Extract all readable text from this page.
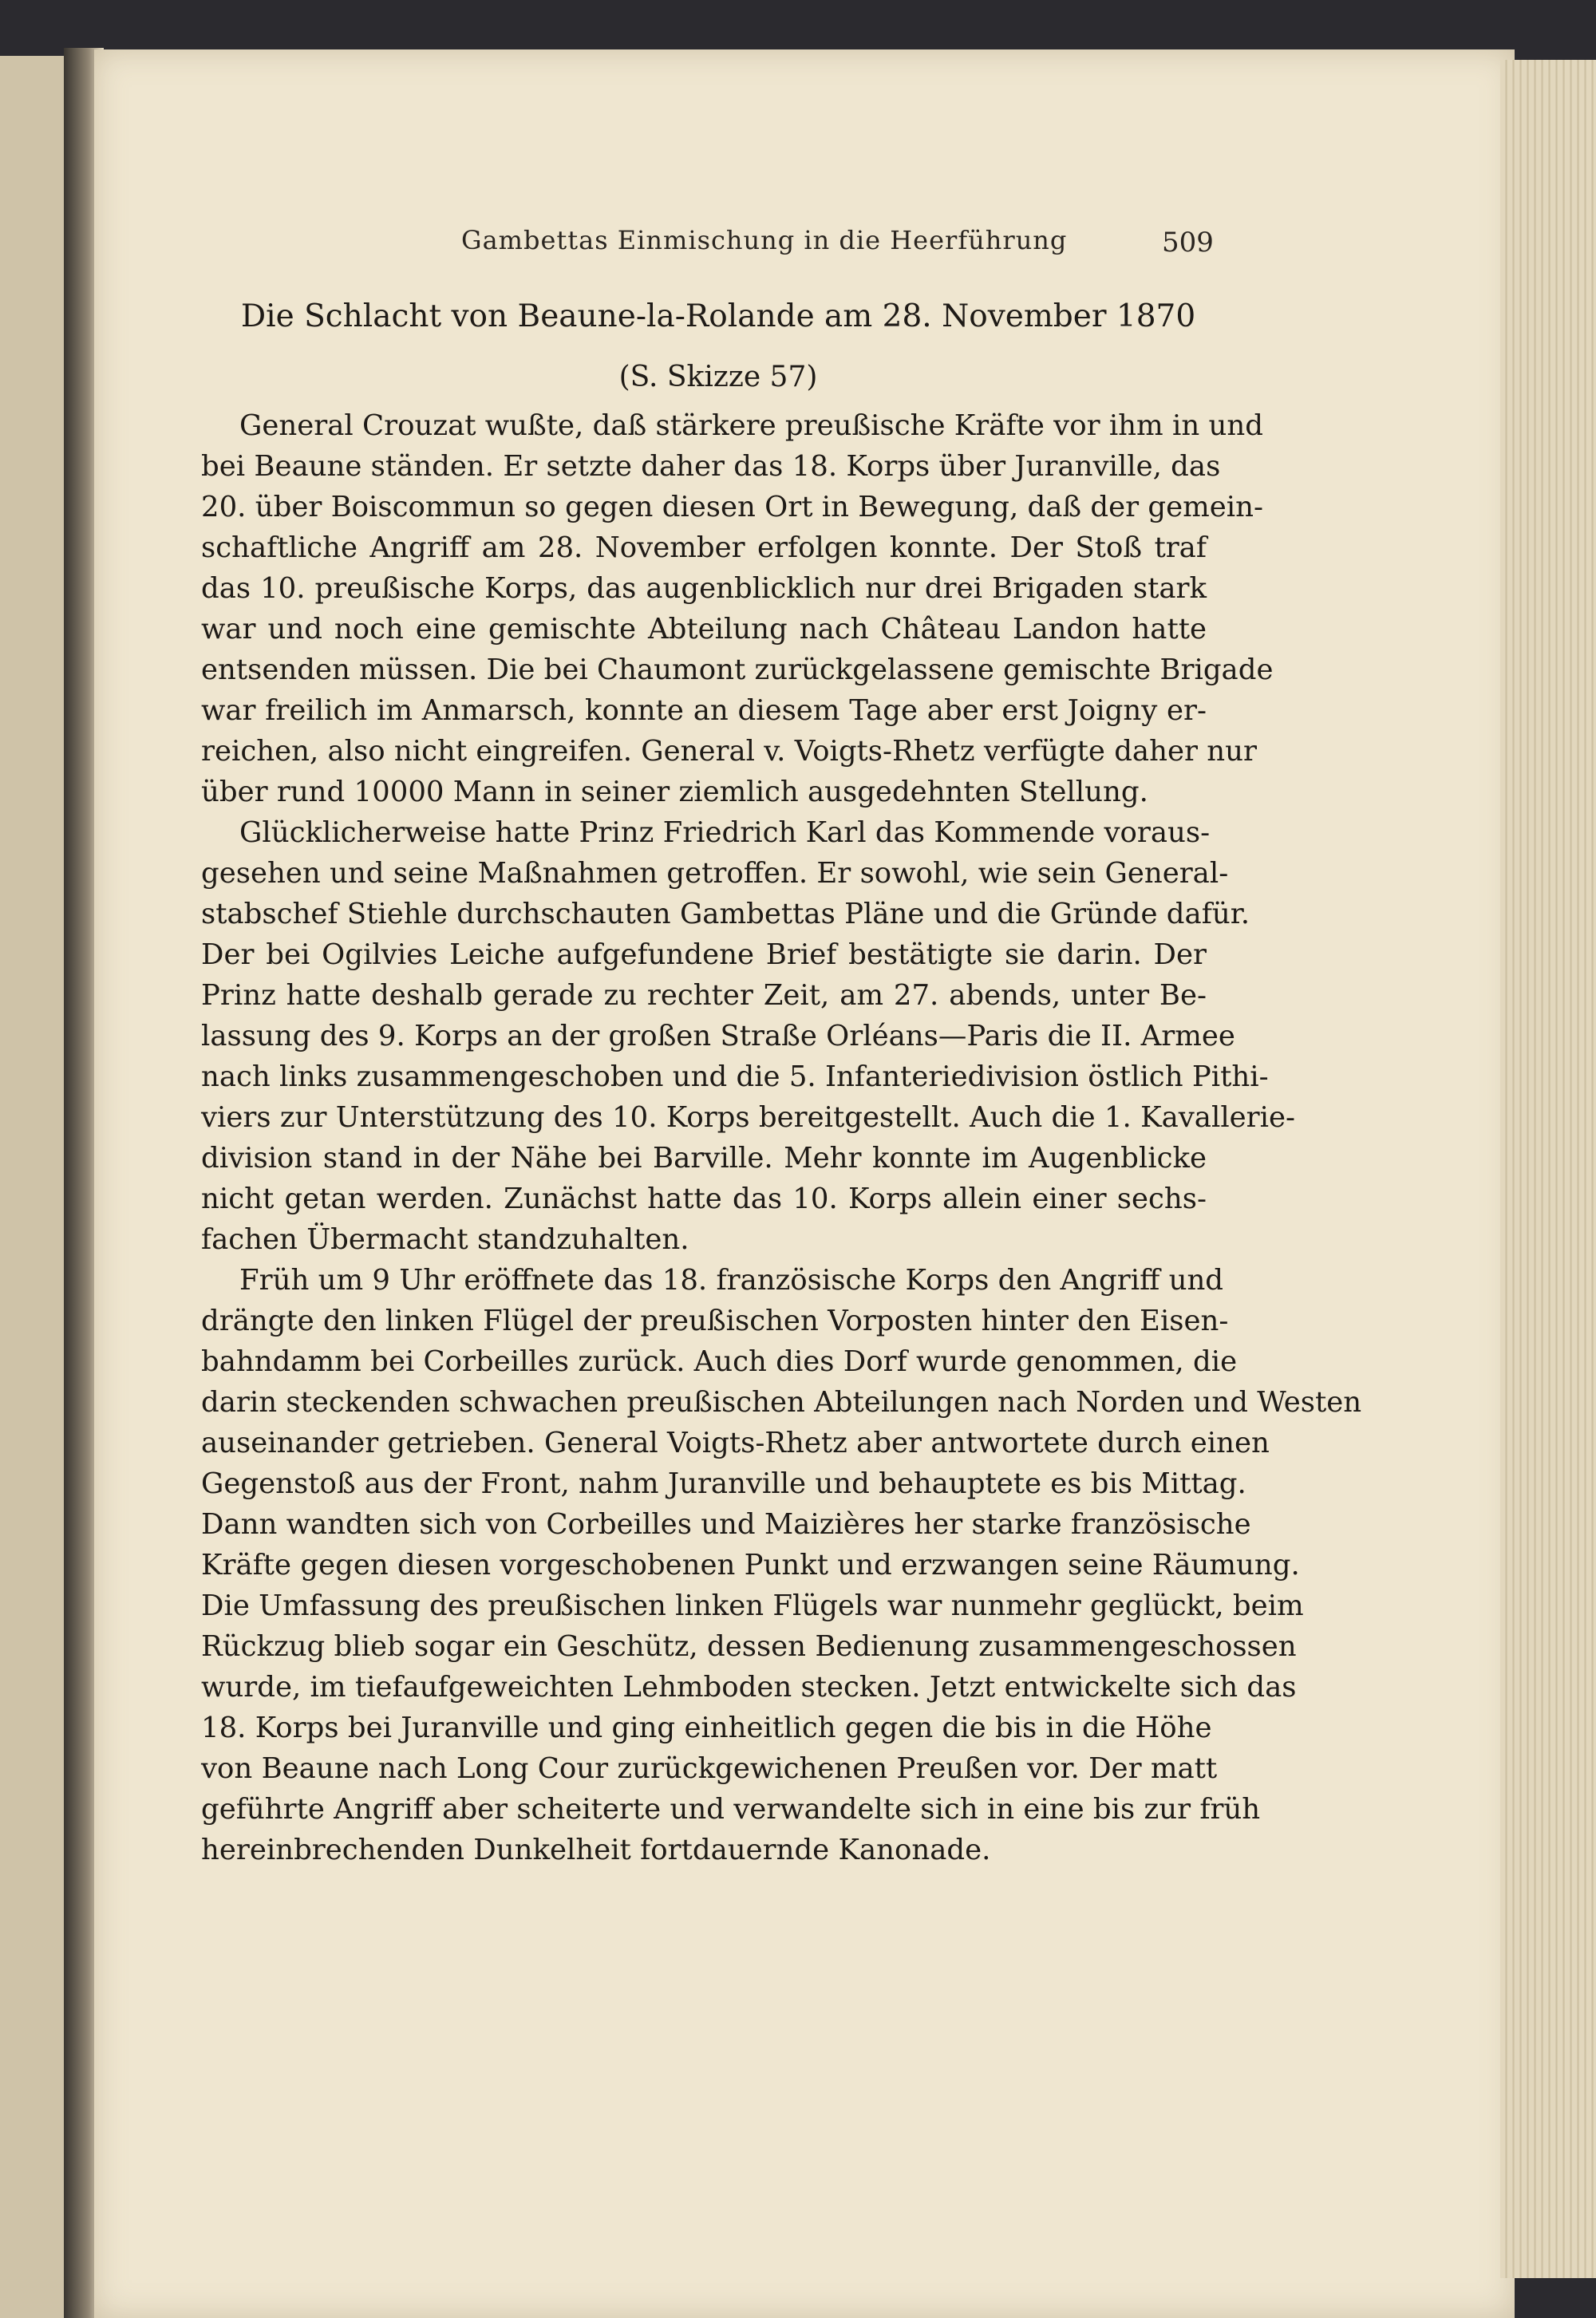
Gambettas Einmischung in die Heerführung	509
Die Schlacht von Beaune-la-Rolande am 28. November 1870
(S. Skizze 57)
General Crouzat wußte, daß stärkere preußische Kräfte vor ihm in und
bei Beaune ständen. Er setzte daher das 18. Korps über Juranville, das
20. über Boiscommun so gegen diesen Ort in Bewegung, daß der gemein-
schaftliche Angriff am 28. November erfolgen konnte. Der Stoß traf
das 10. preußische Korps, das augenblicklich nur drei Brigaden stark
war und noch eine gemischte Abteilung nach Château Landon hatte
entsenden müssen. Die bei Chaumont zurückgelassene gemischte Brigade
war freilich im Anmarsch, konnte an diesem Tage aber erst Joigny er-
reichen, also nicht eingreifen. General v. Voigts-Rhetz verfügte daher nur
über rund 10000 Mann in seiner ziemlich ausgedehnten Stellung.
Glücklicherweise hatte Prinz Friedrich Karl das Kommende voraus-
gesehen und seine Maßnahmen getroffen. Er sowohl, wie sein General-
stabschef Stiehle durchschauten Gambettas Pläne und die Gründe dafür.
Der bei Ogilvies Leiche aufgefundene Brief bestätigte sie darin. Der
Prinz hatte deshalb gerade zu rechter Zeit, am 27. abends, unter Be-
lassung des 9. Korps an der großen Straße Orléans—Paris die II. Armee
nach links zusammengeschoben und die 5. Infanteriedivision östlich Pithi-
viers zur Unterstützung des 10. Korps bereitgestellt. Auch die 1. Kavallerie-
division stand in der Nähe bei Barville. Mehr konnte im Augenblicke
nicht getan werden. Zunächst hatte das 10. Korps allein einer sechs-
fachen Übermacht standzuhalten.
Früh um 9 Uhr eröffnete das 18. französische Korps den Angriff und
drängte den linken Flügel der preußischen Vorposten hinter den Eisen-
bahndamm bei Corbeilles zurück. Auch dies Dorf wurde genommen, die
darin steckenden schwachen preußischen Abteilungen nach Norden und Westen
auseinander getrieben. General Voigts-Rhetz aber antwortete durch einen
Gegenstoß aus der Front, nahm Juranville und behauptete es bis Mittag.
Dann wandten sich von Corbeilles und Maizières her starke französische
Kräfte gegen diesen vorgeschobenen Punkt und erzwangen seine Räumung.
Die Umfassung des preußischen linken Flügels war nunmehr geglückt, beim
Rückzug blieb sogar ein Geschütz, dessen Bedienung zusammengeschossen
wurde, im tiefaufgeweichten Lehmboden stecken. Jetzt entwickelte sich das
18. Korps bei Juranville und ging einheitlich gegen die bis in die Höhe
von Beaune nach Long Cour zurückgewichenen Preußen vor. Der matt
geführte Angriff aber scheiterte und verwandelte sich in eine bis zur früh
hereinbrechenden Dunkelheit fortdauernde Kanonade.
